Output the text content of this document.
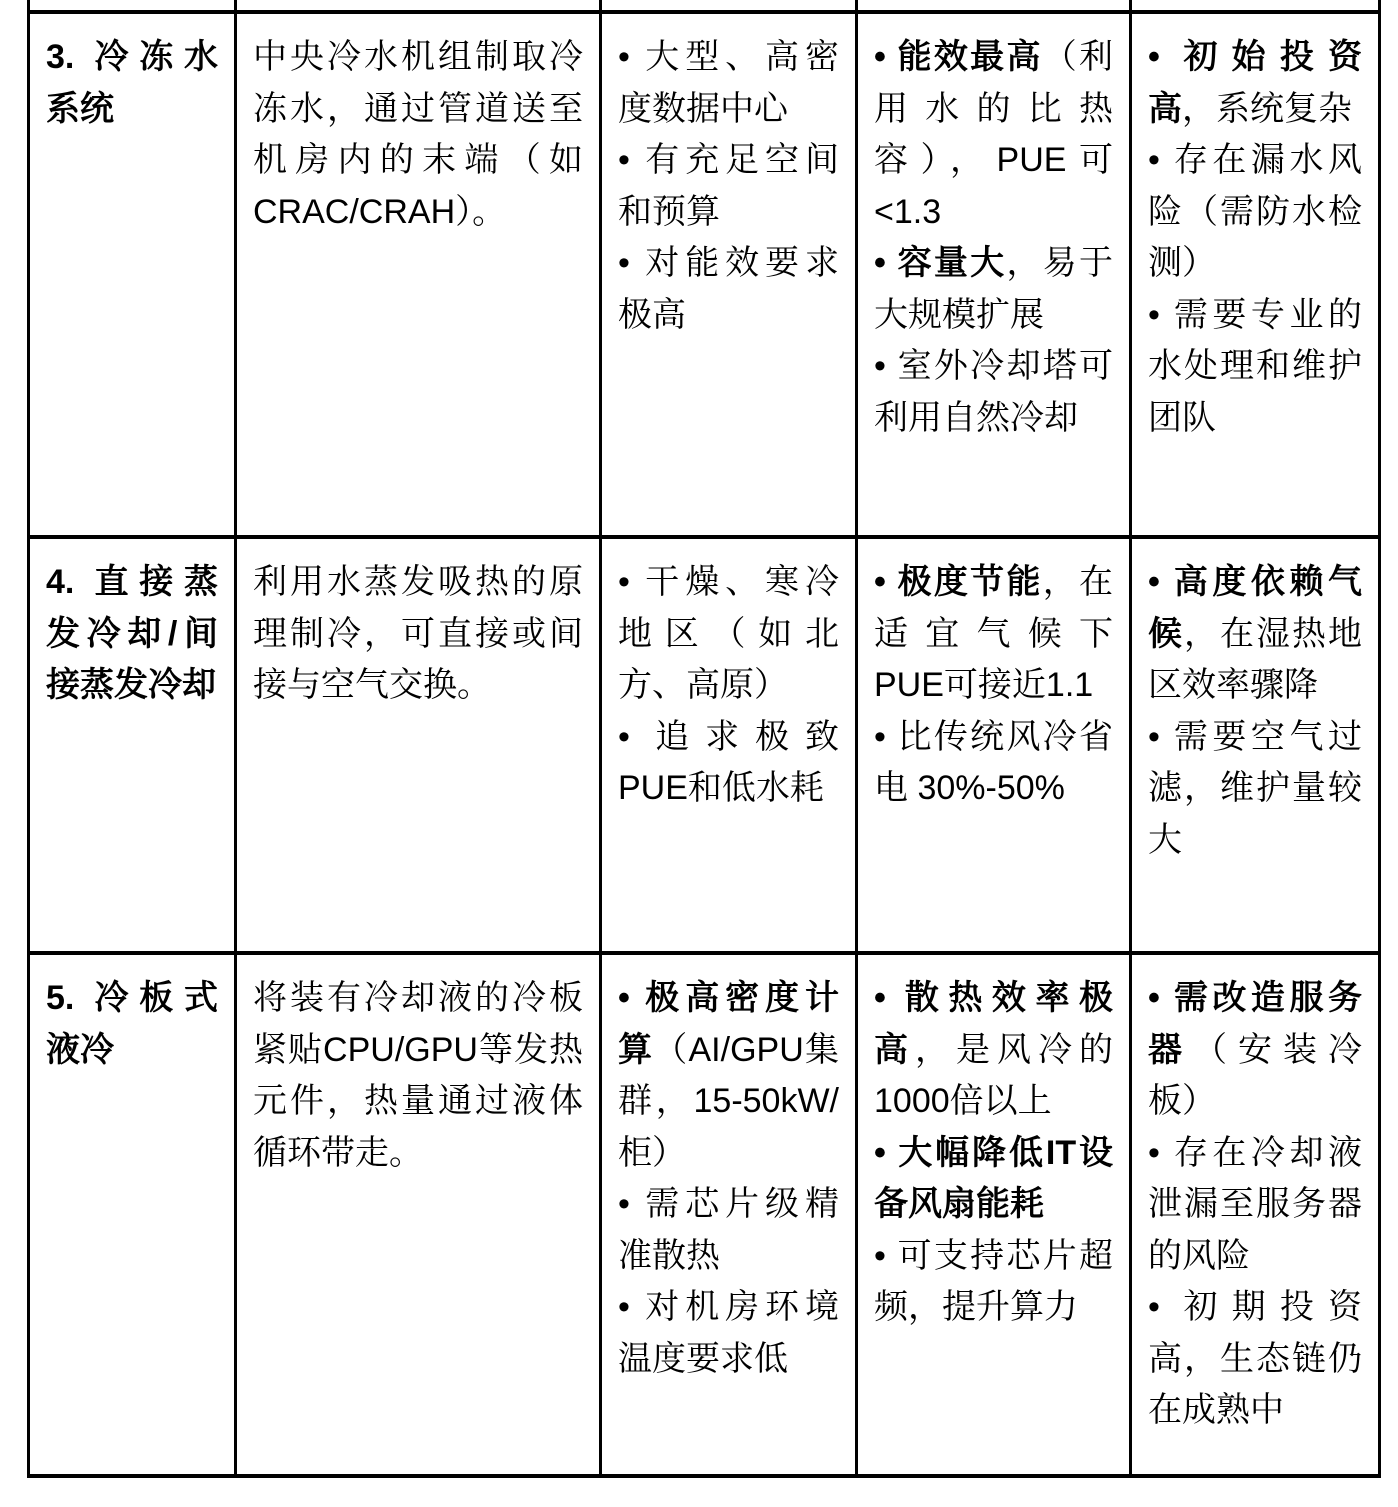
3. 冷冻水系统	中央冷水机组制取冷冻水，通过管道送至机房内的末端（如 CRAC/CRAH）。	
• 大型、高密度数据中心
• 有充足空间和预算
• 对能效要求极高

• 能效最高（利用水的比热容），PUE可<1.3
• 容量大，易于大规模扩展
• 室外冷却塔可利用自然冷却

• 初始投资高，系统复杂
• 存在漏水风险（需防水检测）
• 需要专业的水处理和维护团队

4. 直接蒸发冷却/间接蒸发冷却	利用水蒸发吸热的原理制冷，可直接或间接与空气交换。	
• 干燥、寒冷地区（如北方、高原）
• 追求极致PUE和低水耗

• 极度节能，在适宜气候下PUE可接近1.1
• 比传统风冷省电 30%-50%

• 高度依赖气候，在湿热地区效率骤降
• 需要空气过滤，维护量较大

5. 冷板式液冷	将装有冷却液的冷板紧贴CPU/GPU等发热元件，热量通过液体循环带走。	
• 极高密度计算（AI/GPU集群，15-50kW/柜）
• 需芯片级精准散热
• 对机房环境温度要求低

• 散热效率极高，是风冷的1000倍以上
• 大幅降低IT设备风扇能耗
• 可支持芯片超频，提升算力

• 需改造服务器（安装冷板）
• 存在冷却液泄漏至服务器的风险
• 初期投资高，生态链仍在成熟中
